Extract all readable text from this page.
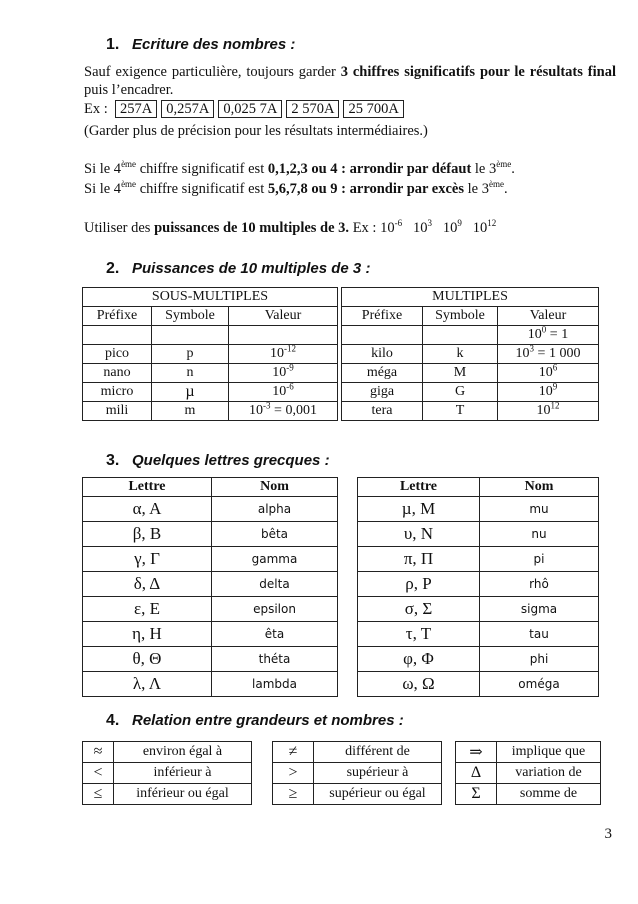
1. Ecriture des nombres :
Sauf exigence particulière, toujours garder 3 chiffres significatifs pour le résultats final puis l’encadrer.
Ex : 257A 0,257A 0,025 7A 2 570A 25 700A
(Garder plus de précision pour les résultats intermédiaires.)
Si le 4ème chiffre significatif est 0,1,2,3 ou 4 : arrondir par défaut le 3ème.
Si le 4ème chiffre significatif est 5,6,7,8 ou 9 : arrondir par excès le 3ème.
Utiliser des puissances de 10 multiples de 3. Ex : $10^{-6}$ $10^3$ $10^9$ $10^{12}$
2. Puissances de 10 multiples de 3 :
SOUS-MULTIPLES		
Préfixe	Symbole	Valeur

pico	p	$10^{-12}$
nano	n	$10^{-9}$
micro	µ	$10^{-6}$
mili	m	$10^{-3} = 0,001$
MULTIPLES		
Préfixe	Symbole	Valeur
		$10^0 = 1$
kilo	k	$10^3 = 1$ 000
méga	M	$10^6$
giga	G	$10^9$
tera	T	$10^{12}$
3. Quelques lettres grecques :
Lettre	Nom
α, Α	alpha
β, Β	bêta
γ, Γ	gamma
δ, Δ	delta
ε, Ε	epsilon
η, Η	êta
θ, Θ	théta
λ, Λ	lambda
Lettre	Nom
µ, Μ	mu
υ, Ν	nu
π, Π	pi
ρ, Ρ	rhô
σ, Σ	sigma
τ, Τ	tau
φ, Φ	phi
ω, Ω	oméga
4. Relation entre grandeurs et nombres :
≈	environ égal à
<	inférieur à
≤	inférieur ou égal
≠	différent de
>	supérieur à
≥	supérieur ou égal
⇒	implique que
Δ	variation de
Σ	somme de
3
